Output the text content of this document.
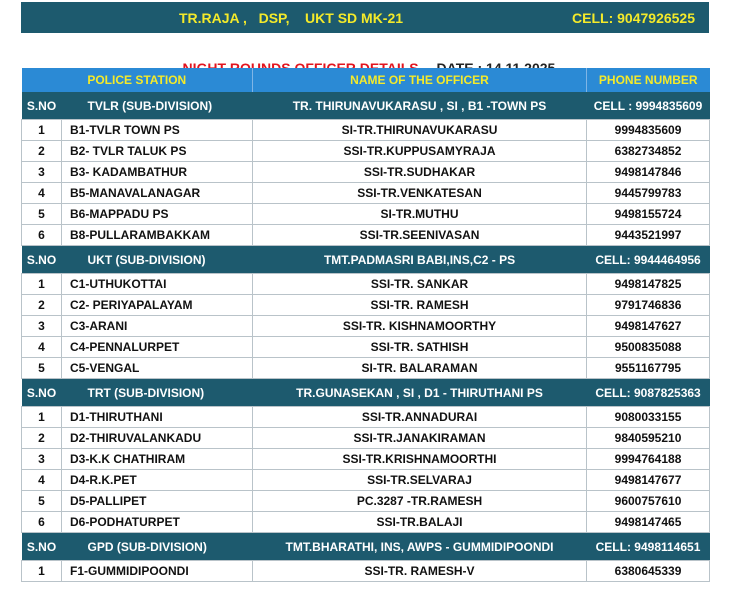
TR.RAJA ,   DSP,    UKT SD MK-21	CELL: 9047926525

POLICE STATION		NAME OF THE OFFICER	PHONE NUMBER
S.NO	TVLR (SUB-DIVISION)	TR. THIRUNAVUKARASU , SI , B1 -TOWN PS	CELL : 9994835609
1	B1-TVLR TOWN PS	SI-TR.THIRUNAVUKARASU	9994835609
2	B2- TVLR TALUK PS	SSI-TR.KUPPUSAMYRAJA	6382734852
3	B3- KADAMBATHUR	SSI-TR.SUDHAKAR	9498147846
4	B5-MANAVALANAGAR	SSI-TR.VENKATESAN	9445799783
5	B6-MAPPADU PS	SI-TR.MUTHU	9498155724
6	B8-PULLARAMBAKKAM	SSI-TR.SEENIVASAN	9443521997
S.NO	UKT (SUB-DIVISION)	TMT.PADMASRI BABI,INS,C2 - PS	CELL: 9944464956
1	C1-UTHUKOTTAI	SSI-TR. SANKAR	9498147825
2	C2- PERIYAPALAYAM	SSI-TR. RAMESH	9791746836
3	C3-ARANI	SSI-TR. KISHNAMOORTHY	9498147627
4	C4-PENNALURPET	SSI-TR. SATHISH	9500835088
5	C5-VENGAL	SI-TR. BALARAMAN	9551167795
S.NO	TRT (SUB-DIVISION)	TR.GUNASEKAN , SI , D1 - THIRUTHANI PS	CELL: 9087825363
1	D1-THIRUTHANI	SSI-TR.ANNADURAI	9080033155
2	D2-THIRUVALANKADU	SSI-TR.JANAKIRAMAN	9840595210
3	D3-K.K CHATHIRAM	SSI-TR.KRISHNAMOORTHI	9994764188
4	D4-R.K.PET	SSI-TR.SELVARAJ	9498147677
5	D5-PALLIPET	PC.3287 -TR.RAMESH	9600757610
6	D6-PODHATURPET	SSI-TR.BALAJI	9498147465
S.NO	GPD (SUB-DIVISION)	TMT.BHARATHI, INS, AWPS - GUMMIDIPOONDI	CELL: 9498114651
1	F1-GUMMIDIPOONDI	SSI-TR. RAMESH-V	6380645339
